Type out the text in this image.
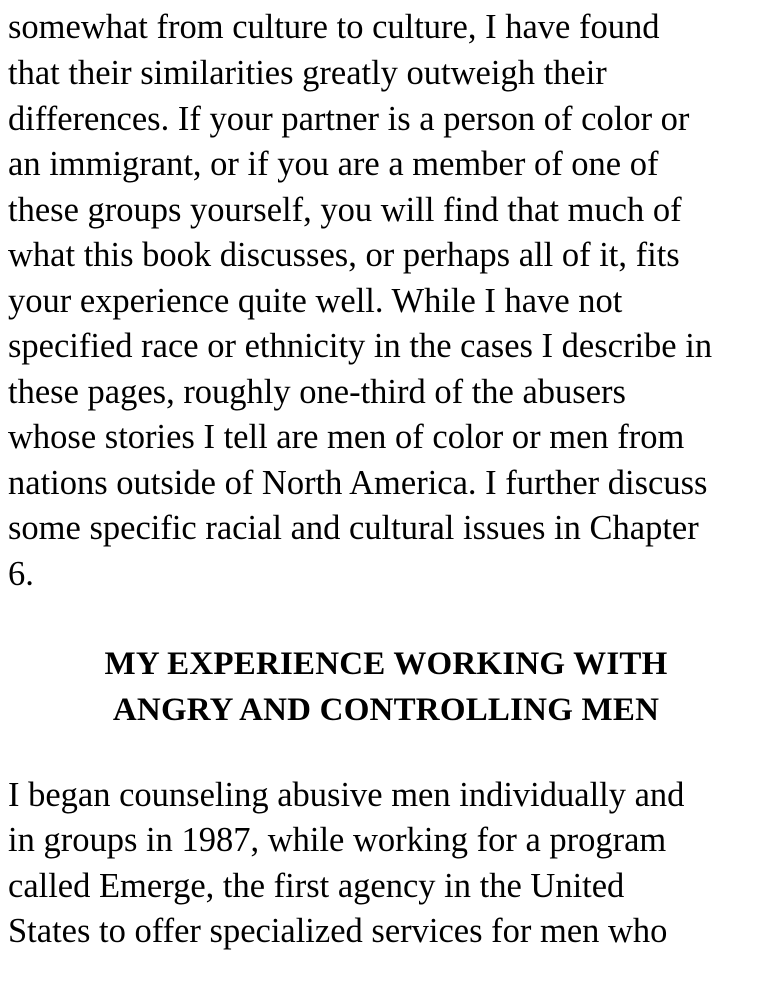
somewhat from culture to culture, I have found

that their similarities greatly outweigh their

differences. If your partner is a person of color or

an immigrant, or if you are a member of one of

these groups yourself, you will find that much of

what this book discusses, or perhaps all of it, fits

your experience quite well. While I have not

specified race or ethnicity in the cases I describe in

these pages, roughly one-third of the abusers

whose stories I tell are men of color or men from

nations outside of North America. I further discuss

some specific racial and cultural issues in Chapter

6.

MY EXPERIENCE WORKING WITH

ANGRY AND CONTROLLING MEN

I began counseling abusive men individually and

in groups in 1987, while working for a program

called Emerge, the first agency in the United

States to offer specialized services for men who
